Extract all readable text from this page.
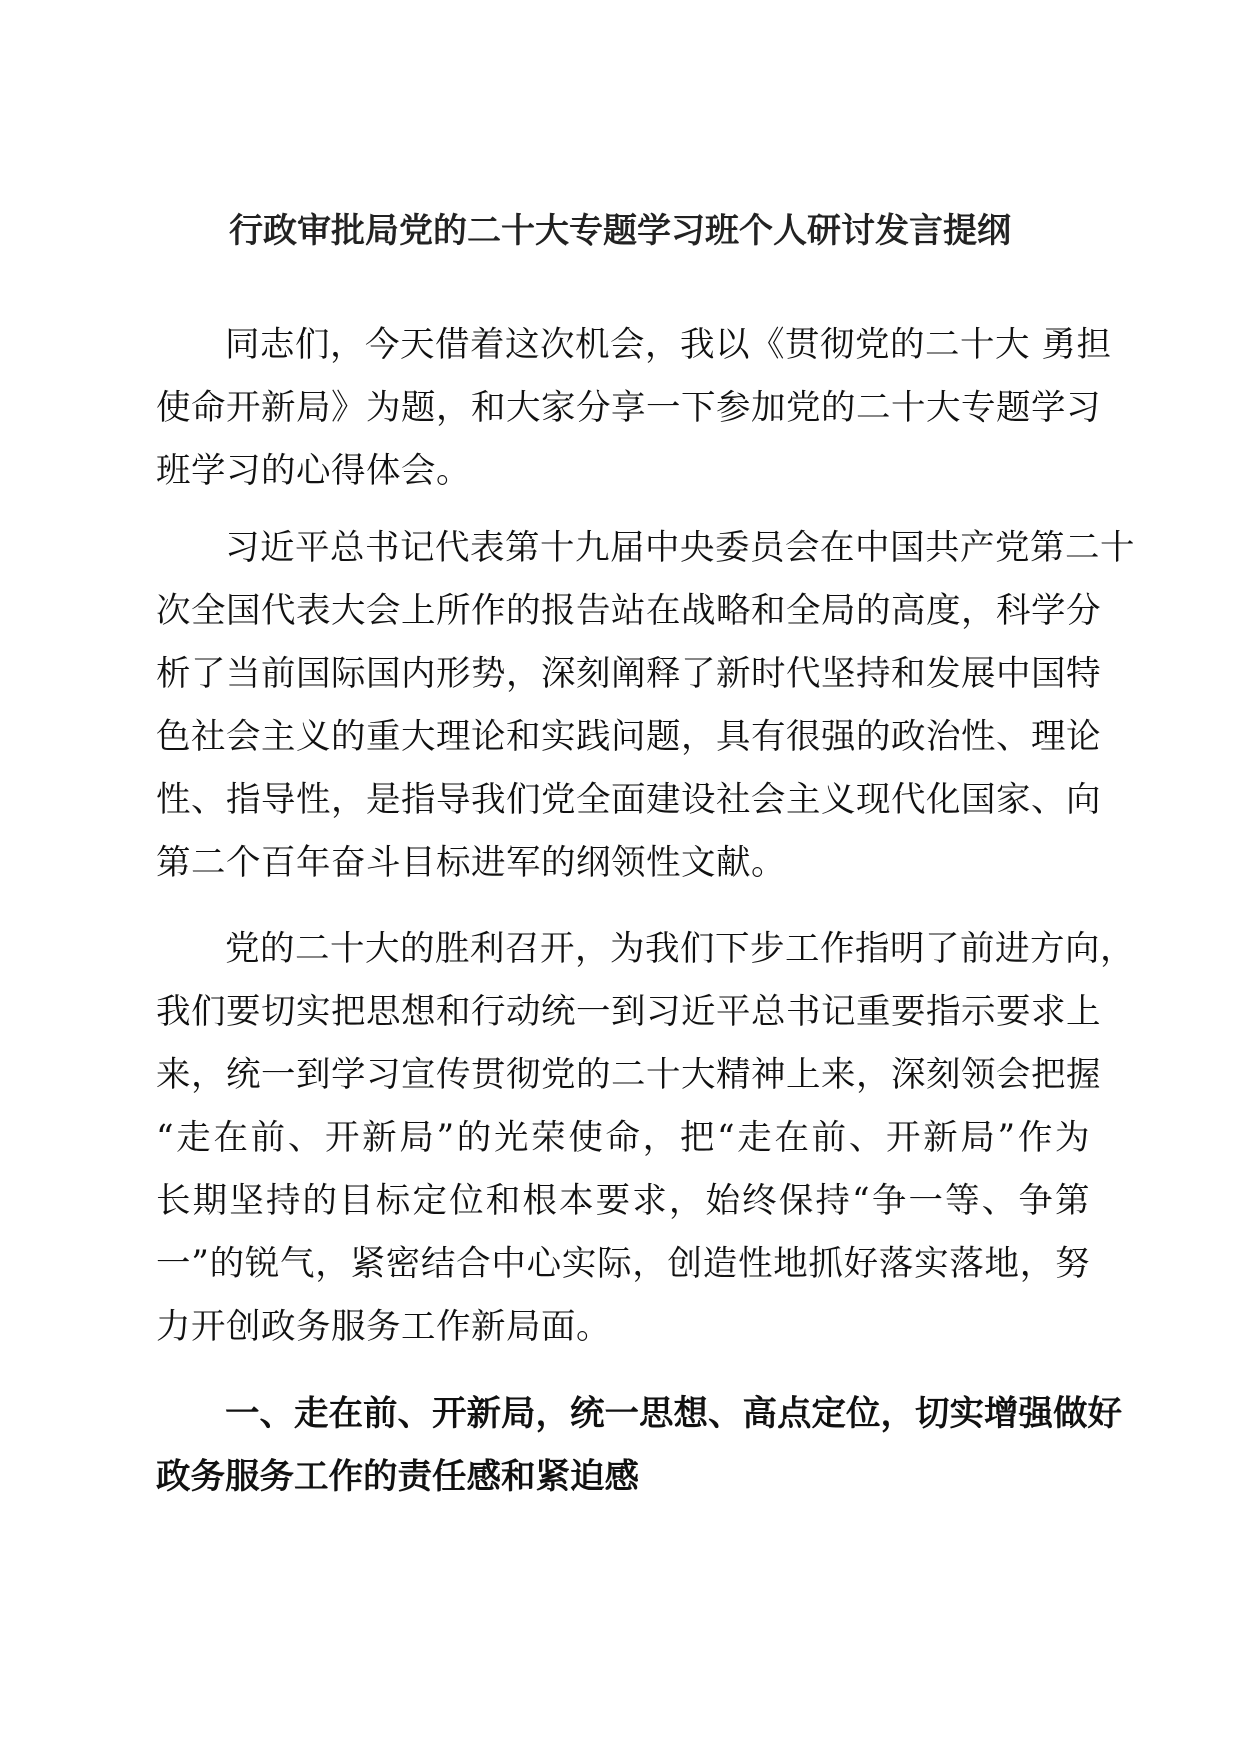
行政审批局党的二十大专题学习班个人研讨发言提纲
同志们，今天借着这次机会，我以《贯彻党的二十大 勇担
使命开新局》为题，和大家分享一下参加党的二十大专题学习
班学习的心得体会。
习近平总书记代表第十九届中央委员会在中国共产党第二十
次全国代表大会上所作的报告站在战略和全局的高度，科学分
析了当前国际国内形势，深刻阐释了新时代坚持和发展中国特
色社会主义的重大理论和实践问题，具有很强的政治性、理论
性、指导性，是指导我们党全面建设社会主义现代化国家、向
第二个百年奋斗目标进军的纲领性文献。
党的二十大的胜利召开，为我们下步工作指明了前进方向，
我们要切实把思想和行动统一到习近平总书记重要指示要求上
来，统一到学习宣传贯彻党的二十大精神上来，深刻领会把握
“走在前、开新局”的光荣使命，把“走在前、开新局”作为
长期坚持的目标定位和根本要求，始终保持“争一等、争第
一”的锐气，紧密结合中心实际，创造性地抓好落实落地，努
力开创政务服务工作新局面。
一、走在前、开新局，统一思想、高点定位，切实增强做好
政务服务工作的责任感和紧迫感
